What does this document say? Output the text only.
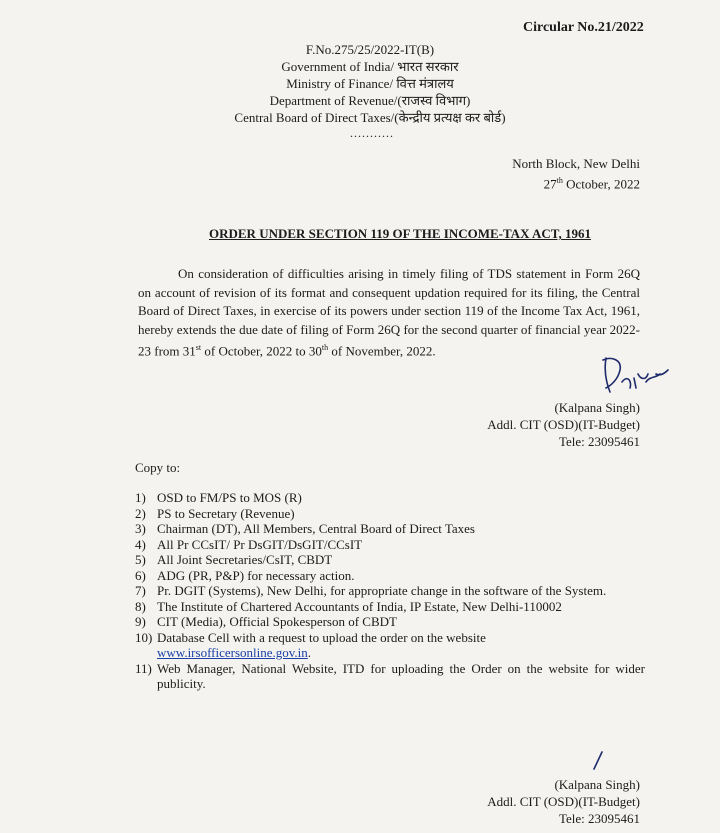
Circular No.21/2022
F.No.275/25/2022-IT(B)
Government of India/ भारत सरकार
Ministry of Finance/ वित्त मंत्रालय
Department of Revenue/(राजस्व विभाग)
Central Board of Direct Taxes/(केन्द्रीय प्रत्यक्ष कर बोर्ड)
...........
North Block, New Delhi
27th October, 2022
ORDER UNDER SECTION 119 OF THE INCOME-TAX ACT, 1961
On consideration of difficulties arising in timely filing of TDS statement in Form 26Q on account of revision of its format and consequent updation required for its filing, the Central Board of Direct Taxes, in exercise of its powers under section 119 of the Income Tax Act, 1961, hereby extends the due date of filing of Form 26Q for the second quarter of financial year 2022-23 from 31st of October, 2022 to 30th of November, 2022.
(Kalpana Singh)
Addl. CIT (OSD)(IT-Budget)
Tele: 23095461
Copy to:
1) OSD to FM/PS to MOS (R)
2) PS to Secretary (Revenue)
3) Chairman (DT), All Members, Central Board of Direct Taxes
4) All Pr CCsIT/ Pr DsGIT/DsGIT/CCsIT
5) All Joint Secretaries/CsIT, CBDT
6) ADG (PR, P&P) for necessary action.
7) Pr. DGIT (Systems), New Delhi, for appropriate change in the software of the System.
8) The Institute of Chartered Accountants of India, IP Estate, New Delhi-110002
9) CIT (Media), Official Spokesperson of CBDT
10) Database Cell with a request to upload the order on the website
www.irsofficersonline.gov.in.
11) Web Manager, National Website, ITD for uploading the Order on the website for wider publicity.
(Kalpana Singh)
Addl. CIT (OSD)(IT-Budget)
Tele: 23095461
